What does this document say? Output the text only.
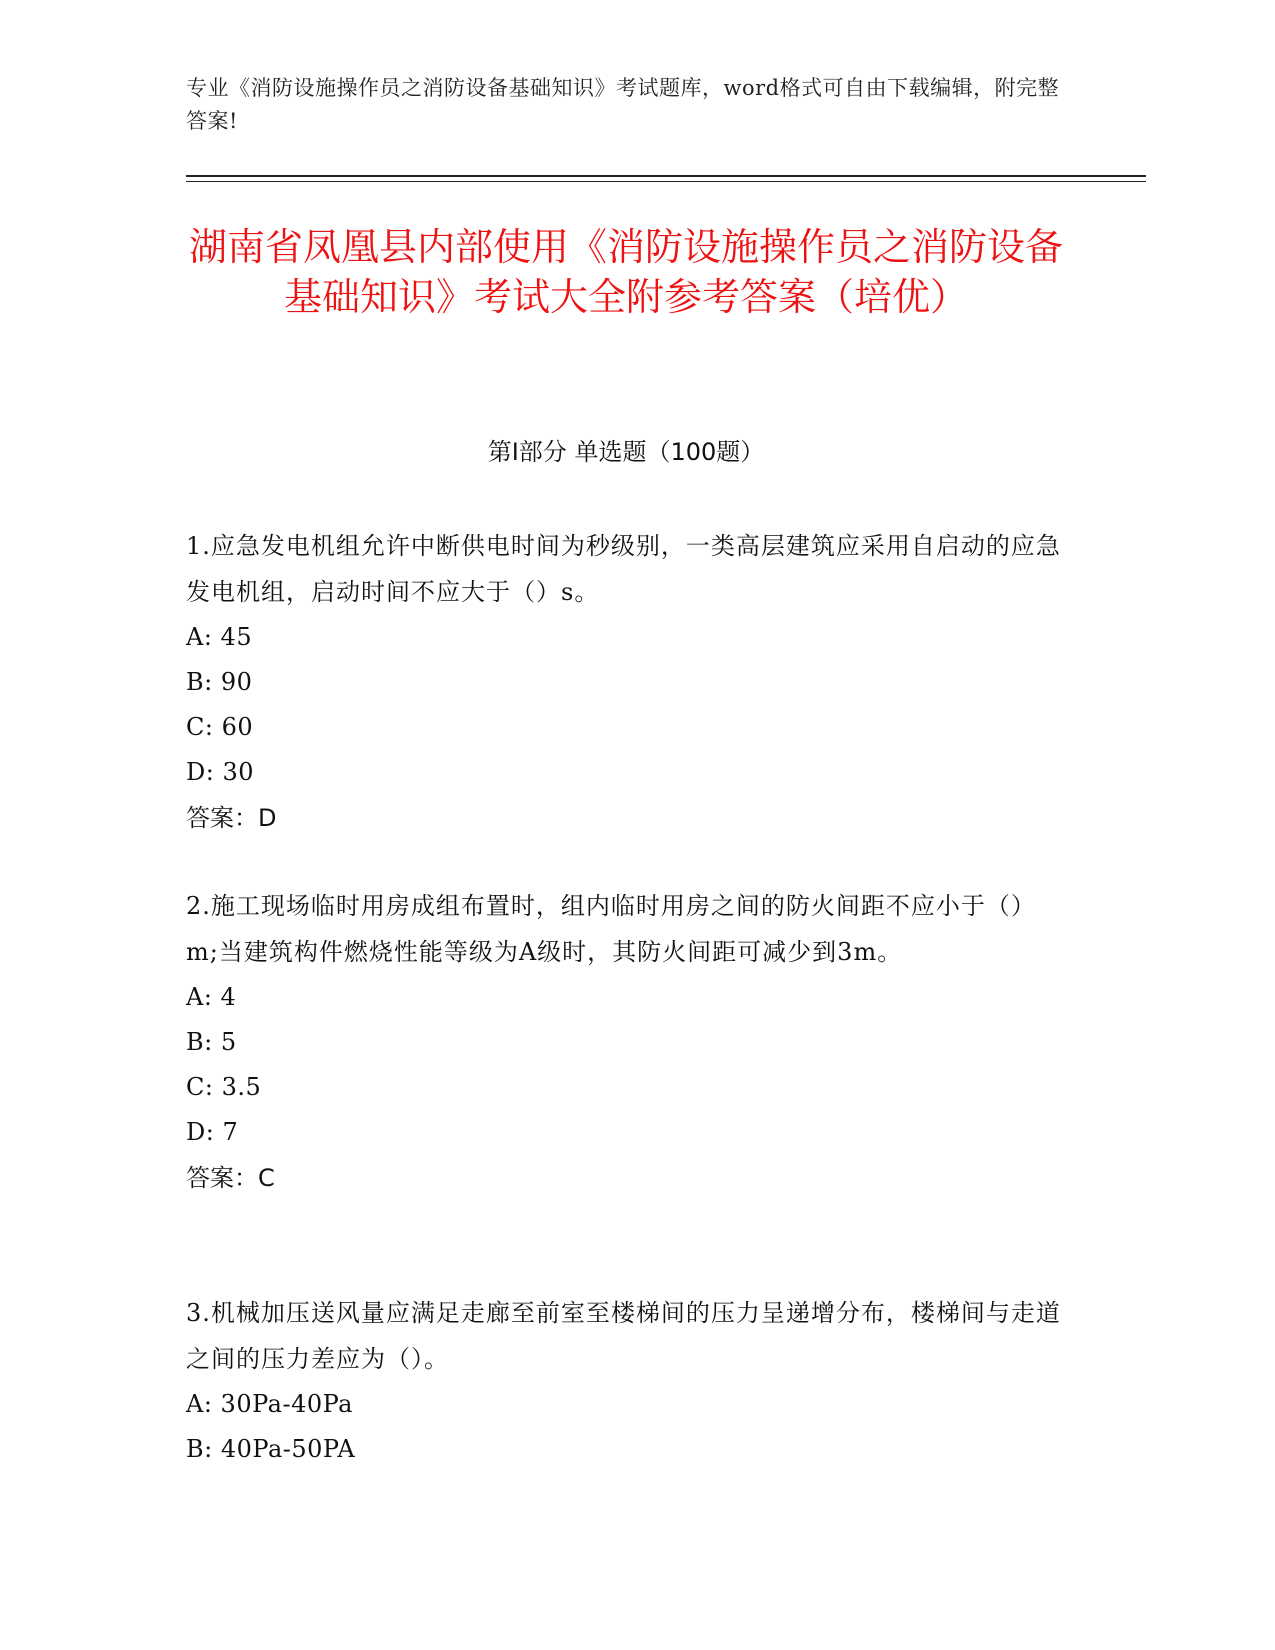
专业《消防设施操作员之消防设备基础知识》考试题库，word格式可自由下载编辑，附完整答案!
湖南省凤凰县内部使用《消防设施操作员之消防设备基础知识》考试大全附参考答案（培优）
第I部分 单选题（100题）

1.应急发电机组允许中断供电时间为秒级别，一类高层建筑应采用自启动的应急发电机组，启动时间不应大于（）s。

A: 45

B: 90

C: 60

D: 30

答案：D

2.施工现场临时用房成组布置时，组内临时用房之间的防火间距不应小于（）m;当建筑构件燃烧性能等级为A级时，其防火间距可减少到3m。

A: 4

B: 5

C: 3.5

D: 7

答案：C

3.机械加压送风量应满足走廊至前室至楼梯间的压力呈递增分布，楼梯间与走道之间的压力差应为（）。

A: 30Pa-40Pa

B: 40Pa-50PA
